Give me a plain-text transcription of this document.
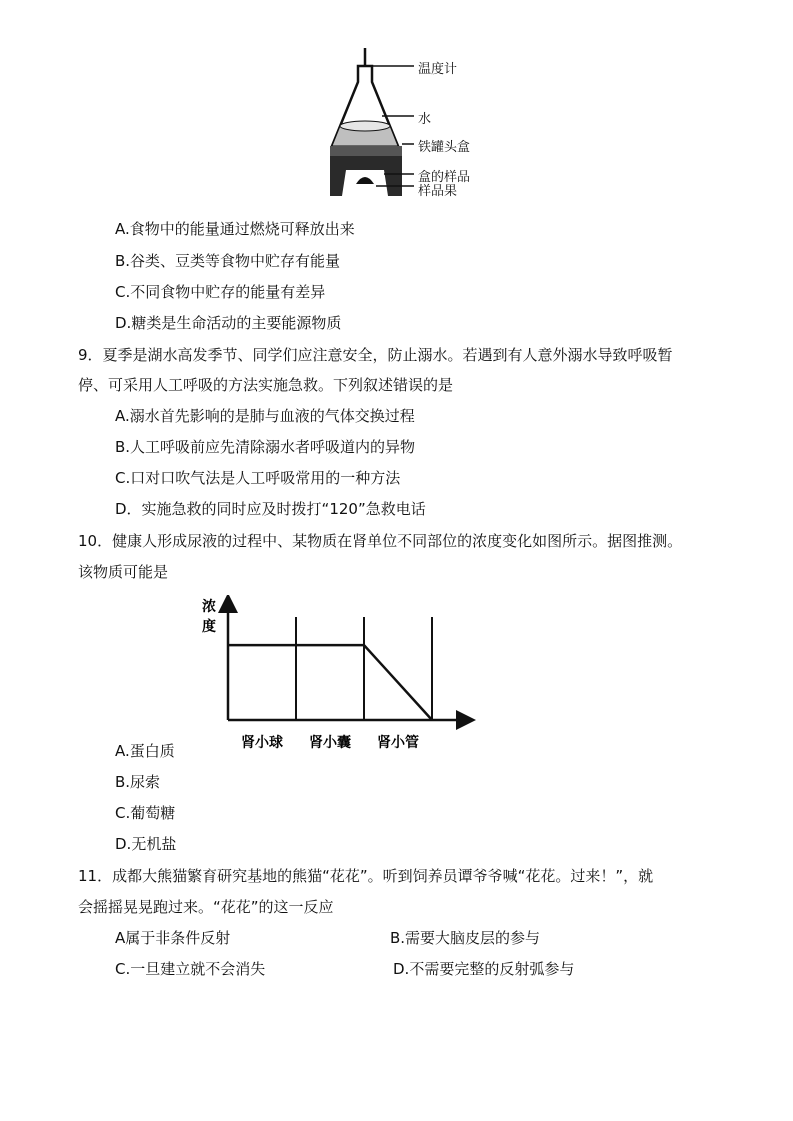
温度计
水
铁罐头盒
盒的样品
样品果
A.食物中的能量通过燃烧可释放出来
B.谷类、豆类等食物中贮存有能量
C.不同食物中贮存的能量有差异
D.糖类是生命活动的主要能源物质
9．夏季是湖水高发季节、同学们应注意安全，防止溺水。若遇到有人意外溺水导致呼吸暂
停、可采用人工呼吸的方法实施急救。下列叙述错误的是
A.溺水首先影响的是肺与血液的气体交换过程
B.人工呼吸前应先清除溺水者呼吸道内的异物
C.口对口吹气法是人工呼吸常用的一种方法
D．实施急救的同时应及时拨打“120”急救电话
10．健康人形成尿液的过程中、某物质在肾单位不同部位的浓度变化如图所示。据图推测。
该物质可能是
浓
度
肾小球 肾小囊 肾小管
A.蛋白质
B.尿索
C.葡萄糖
D.无机盐
11．成都大熊猫繁育研究基地的熊猫“花花”。听到饲养员谭爷爷喊“花花。过来！”，就
会摇摇晃晃跑过来。“花花”的这一反应
A属于非条件反射	B.需要大脑皮层的参与
C.一旦建立就不会消失	D.不需要完整的反射弧参与
